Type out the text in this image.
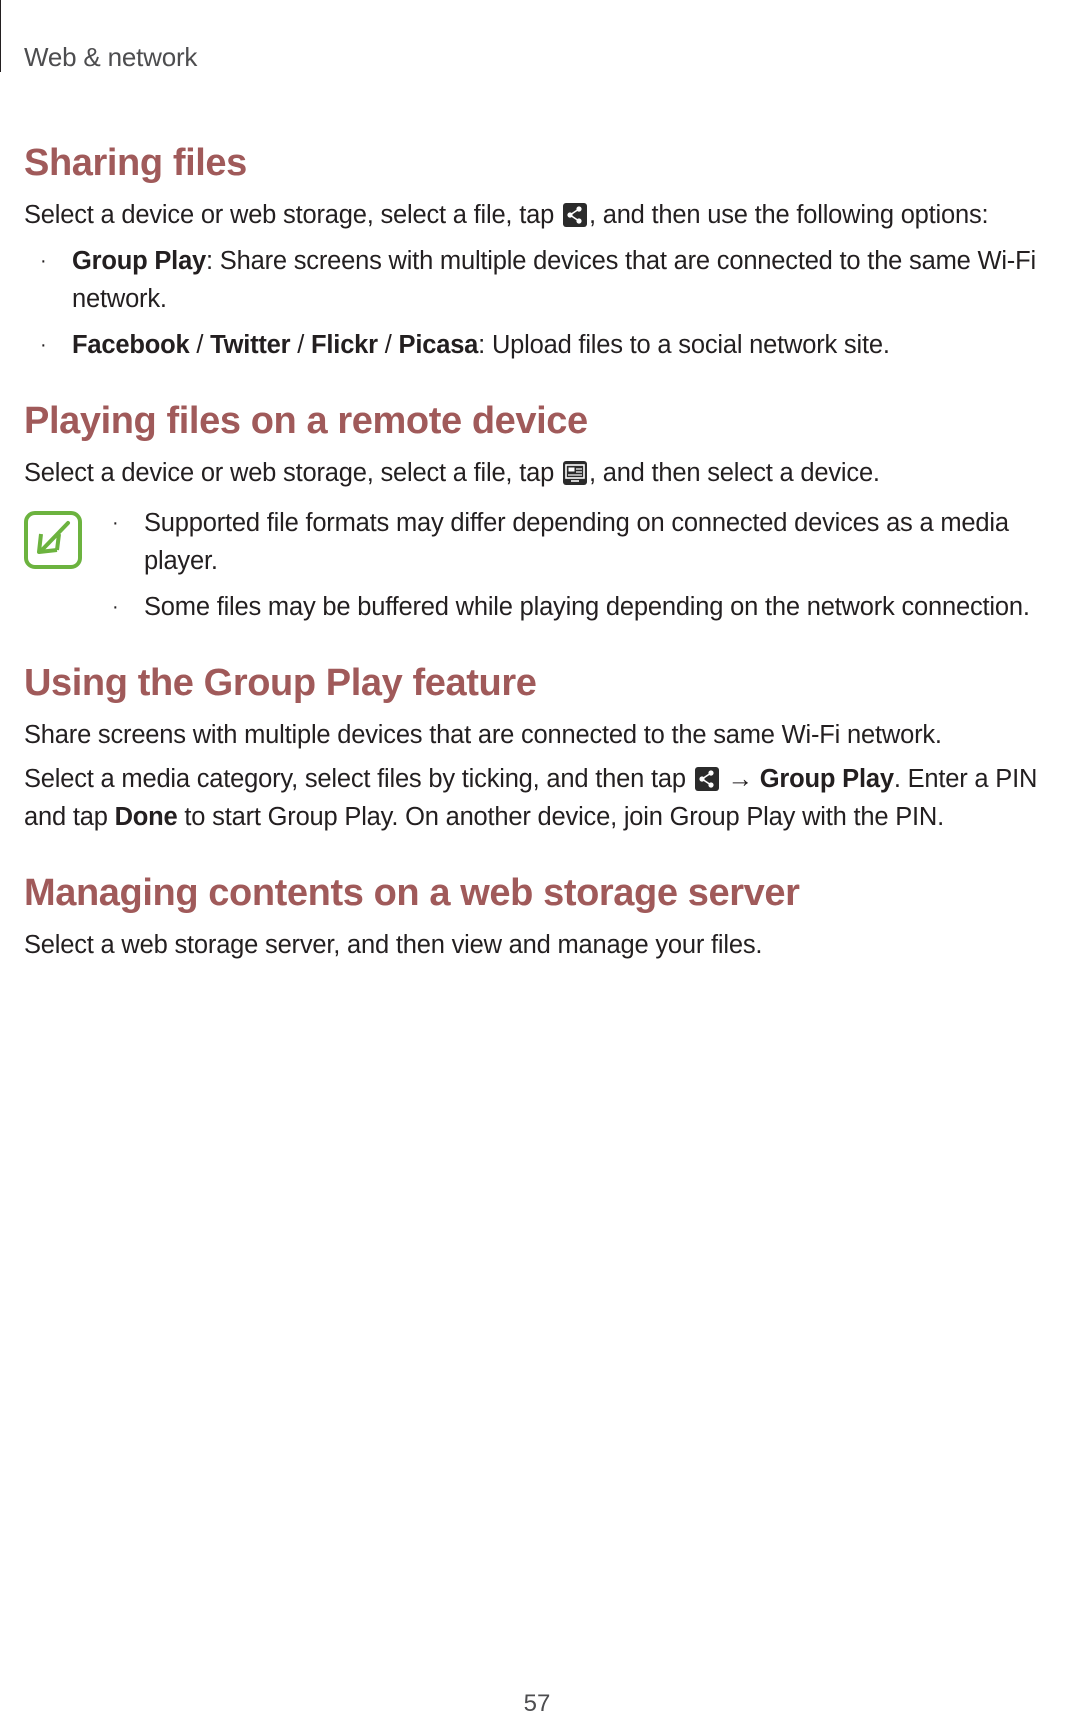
Web & network
Sharing files

Select a device or web storage, select a file, tap
, and then use the following options:

· Group Play: Share screens with multiple devices that are connected to the same Wi-Fi network.
· Facebook / Twitter / Flickr / Picasa: Upload files to a social network site.
Playing files on a remote device

Select a device or web storage, select a file, tap
, and then select a device.

· Supported file formats may differ depending on connected devices as a media player.
· Some files may be buffered while playing depending on the network connection.
Using the Group Play feature

Share screens with multiple devices that are connected to the same Wi-Fi network.

Select a media category, select files by ticking, and then tap
→ Group Play. Enter a PIN and tap Done to start Group Play. On another device, join Group Play with the PIN.

Managing contents on a web storage server

Select a web storage server, and then view and manage your files.

57
